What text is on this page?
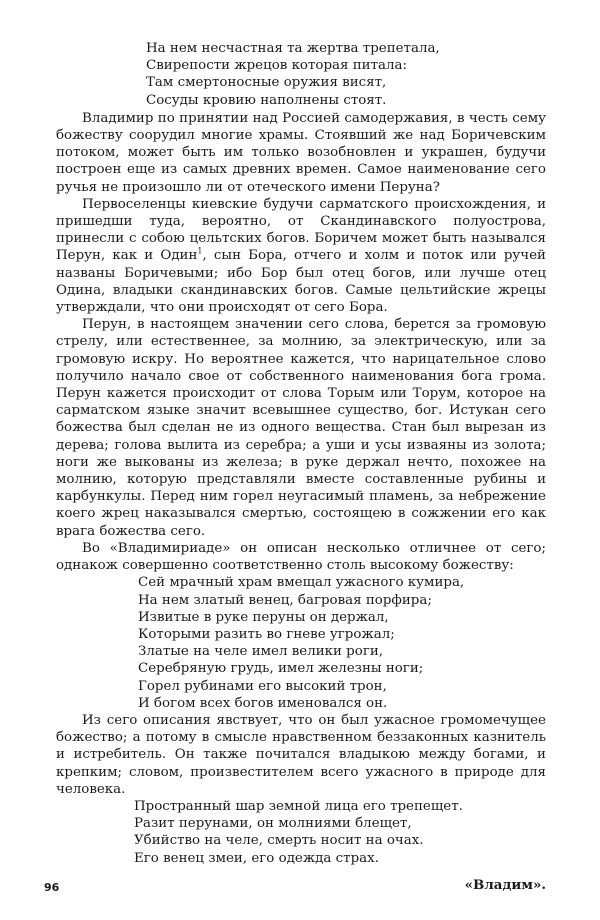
На нем несчастная та жертва трепетала,
Свирепости жрецов которая питала:
Там смертоносные оружия висят,
Сосуды кровию наполнены стоят.

Владимир по принятии над Россией самодержавия, в честь сему божеству соорудил многие храмы. Стоявший же над Боричевским потоком, может быть им только возобновлен и украшен, будучи построен еще из самых древних времен. Самое наименование сего ручья не произошло ли от отеческого имени Перуна?

Первоселенцы киевские будучи сарматского происхождения, и пришедши туда, вероятно, от Скандинавского полуострова, принесли с собою цельтских богов. Боричем может быть назывался Перун, как и Один$^1$, сын Бора, отчего и холм и поток или ручей названы Боричевыми; ибо Бор был отец богов, или лучше отец Одина, владыки скандинавских богов. Самые цельтийские жрецы утверждали, что они происходят от сего Бора.

Перун, в настоящем значении сего слова, берется за громовую стрелу, или естественнее, за молнию, за электрическую, или за громовую искру. Но вероятнее кажется, что нарицательное слово получило начало свое от собственного наименования бога грома. Перун кажется происходит от слова Торым или Торум, которое на сарматском языке значит всевышнее существо, бог. Истукан сего божества был сделан не из одного вещества. Стан был вырезан из дерева; голова вылита из серебра; а уши и усы изваяны из золота; ноги же выкованы из железа; в руке держал нечто, похожее на молнию, которую представляли вместе составленные рубины и карбункулы. Перед ним горел неугасимый пламень, за небрежение коего жрец наказывался смертью, состоящею в сожжении его как врага божества сего.

Во «Владимириаде» он описан несколько отличнее от сего; однакож совершенно соответственно столь высокому божеству:

Сей мрачный храм вмещал ужасного кумира,
На нем златый венец, багровая порфира;
Извитые в руке перуны он держал,
Которыми разить во гневе угрожал;
Златые на челе имел велики роги,
Серебряную грудь, имел железны ноги;
Горел рубинами его высокий трон,
И богом всех богов именовался он.

Из сего описания явствует, что он был ужасное громомечущее божество; а потому в смысле нравственном беззаконных казнитель и истребитель. Он также почитался владыкою между богами, и крепким; словом, произвестителем всего ужасного в природе для человека.

Пространный шар земной лица его трепещет.
Разит перунами, он молниями блещет,
Убийство на челе, смерть носит на очах.
Его венец змеи, его одежда страх.
96	«Владим».
